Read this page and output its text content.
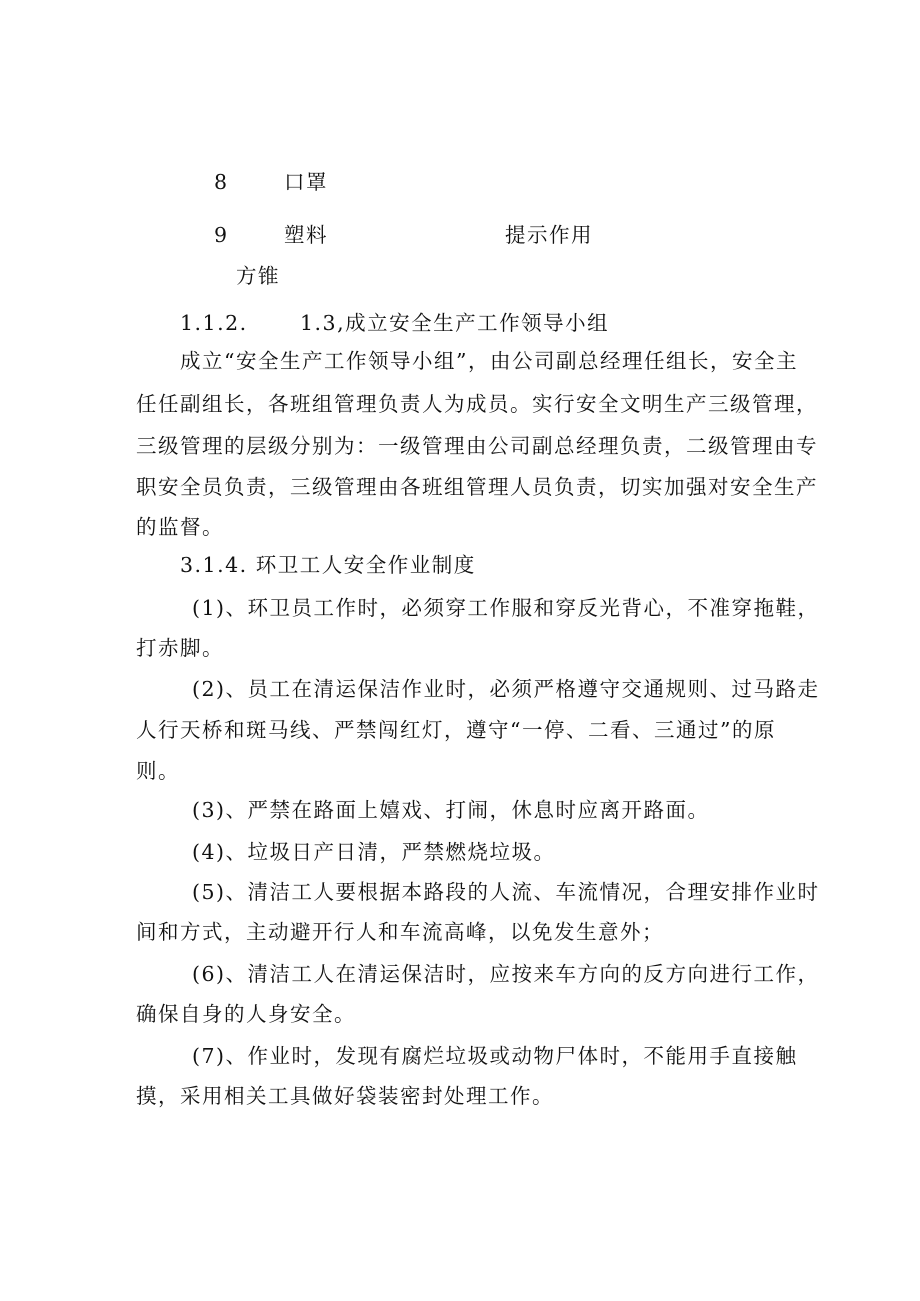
8	口罩
9	塑料	提示作用
方锥
1.1.2.	1.3,成立安全生产工作领导小组
成立“安全生产工作领导小组”，由公司副总经理任组长，安全主
任任副组长，各班组管理负责人为成员。实行安全文明生产三级管理，
三级管理的层级分别为：一级管理由公司副总经理负责，二级管理由专
职安全员负责，三级管理由各班组管理人员负责，切实加强对安全生产
的监督。
3.1.4. 环卫工人安全作业制度
(1)、环卫员工作时，必须穿工作服和穿反光背心，不准穿拖鞋，
打赤脚。
(2)、员工在清运保洁作业时，必须严格遵守交通规则、过马路走
人行天桥和斑马线、严禁闯红灯，遵守“一停、二看、三通过”的原
则。
(3)、严禁在路面上嬉戏、打闹，休息时应离开路面。
(4)、垃圾日产日清，严禁燃烧垃圾。
(5)、清洁工人要根据本路段的人流、车流情况，合理安排作业时
间和方式，主动避开行人和车流高峰，以免发生意外；
(6)、清洁工人在清运保洁时，应按来车方向的反方向进行工作，
确保自身的人身安全。
(7)、作业时，发现有腐烂垃圾或动物尸体时，不能用手直接触
摸，采用相关工具做好袋装密封处理工作。
